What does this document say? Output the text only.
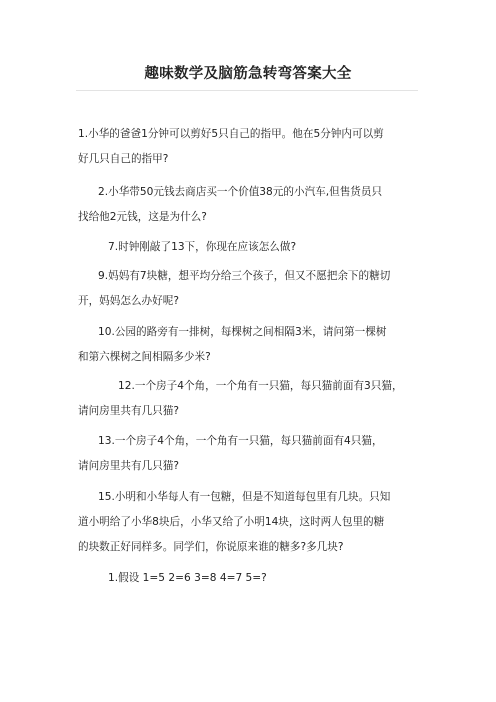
趣味数学及脑筋急转弯答案大全
1.小华的爸爸1分钟可以剪好5只自己的指甲。他在5分钟内可以剪
好几只自己的指甲?
2.小华带50元钱去商店买一个价值38元的小汽车,但售货员只
找给他2元钱，这是为什么?
7.时钟刚敲了13下，你现在应该怎么做?
9.妈妈有7块糖，想平均分给三个孩子，但又不愿把余下的糖切
开，妈妈怎么办好呢?
10.公园的路旁有一排树，每棵树之间相隔3米，请问第一棵树
和第六棵树之间相隔多少米?
12.一个房子4个角，一个角有一只猫，每只猫前面有3只猫，
请问房里共有几只猫?
13.一个房子4个角，一个角有一只猫，每只猫前面有4只猫，
请问房里共有几只猫?
15.小明和小华每人有一包糖，但是不知道每包里有几块。只知
道小明给了小华8块后，小华又给了小明14块，这时两人包里的糖
的块数正好同样多。同学们，你说原来谁的糖多?多几块?
1.假设 1=5 2=6 3=8 4=7 5=?
